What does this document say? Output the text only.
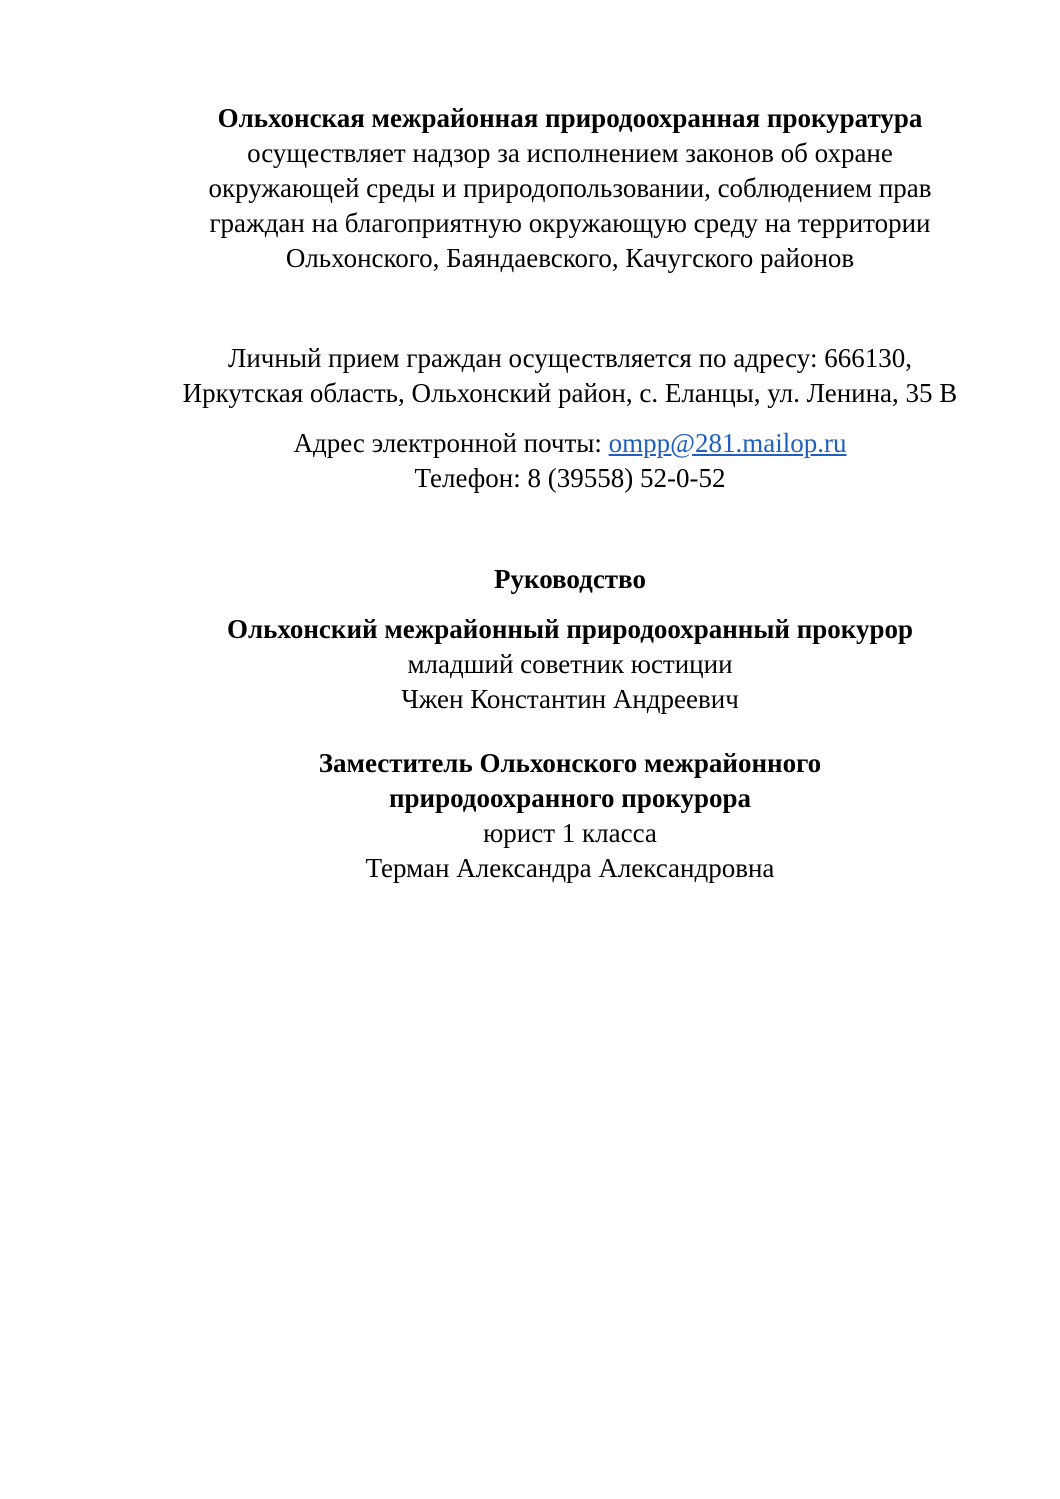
Ольхонская межрайонная природоохранная прокуратура
осуществляет надзор за исполнением законов об охране
окружающей среды и природопользовании, соблюдением прав
граждан на благоприятную окружающую среду на территории
Ольхонского, Баяндаевского, Качугского районов
Личный прием граждан осуществляется по адресу: 666130,
Иркутская область, Ольхонский район, с. Еланцы, ул. Ленина, 35 В
Адрес электронной почты: ompp@281.mailop.ru
Телефон: 8 (39558) 52-0-52
Руководство
Ольхонский межрайонный природоохранный прокурор
младший советник юстиции
Чжен Константин Андреевич
Заместитель Ольхонского межрайонного
природоохранного прокурора
юрист 1 класса
Терман Александра Александровна
